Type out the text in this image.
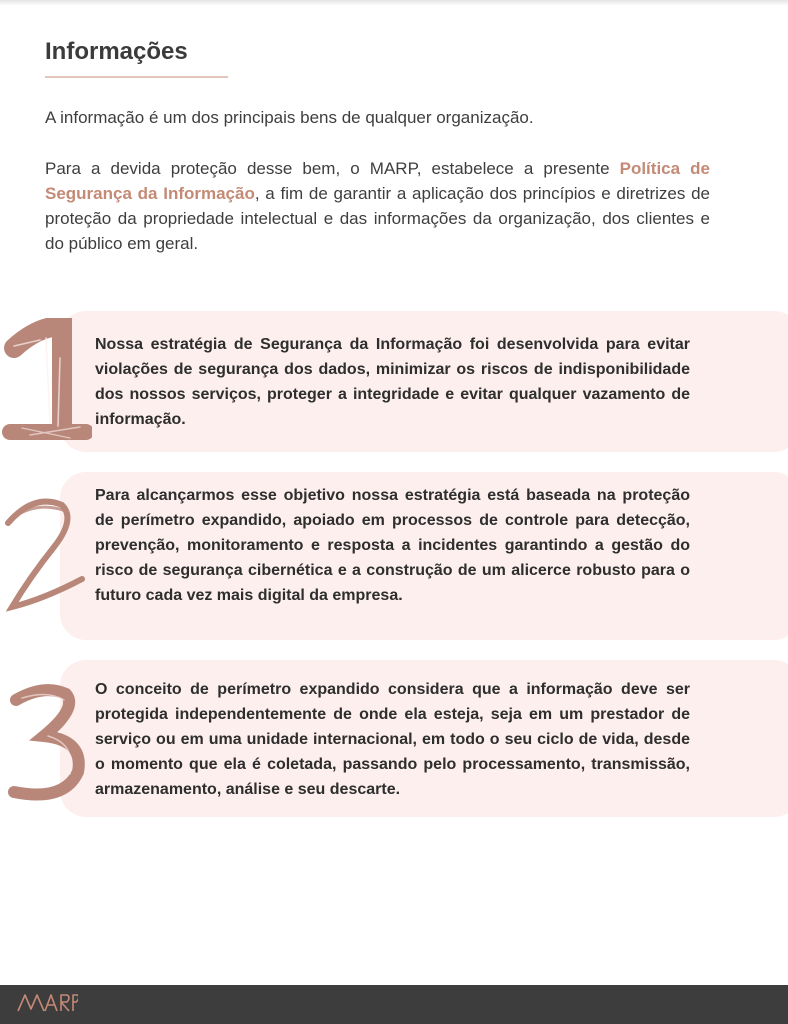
Informações

A informação é um dos principais bens de qualquer organização.

Para a devida proteção desse bem, o MARP, estabelece a presente Política de Segurança da Informação, a fim de garantir a aplicação dos princípios e diretrizes de proteção da propriedade intelectual e das informações da organização, dos clientes e do público em geral.

Nossa estratégia de Segurança da Informação foi desenvolvida para evitar violações de segurança dos dados, minimizar os riscos de indisponibilidade dos nossos serviços, proteger a integridade e evitar qualquer vazamento de informação.

Para alcançarmos esse objetivo nossa estratégia está baseada na proteção de perímetro expandido, apoiado em processos de controle para detecção, prevenção, monitoramento e resposta a incidentes garantindo a gestão do risco de segurança cibernética e a construção de um alicerce robusto para o futuro cada vez mais digital da empresa.

O conceito de perímetro expandido considera que a informação deve ser protegida independentemente de onde ela esteja, seja em um prestador de serviço ou em uma unidade internacional, em todo o seu ciclo de vida, desde o momento que ela é coletada, passando pelo processamento, transmissão, armazenamento, análise e seu descarte.
